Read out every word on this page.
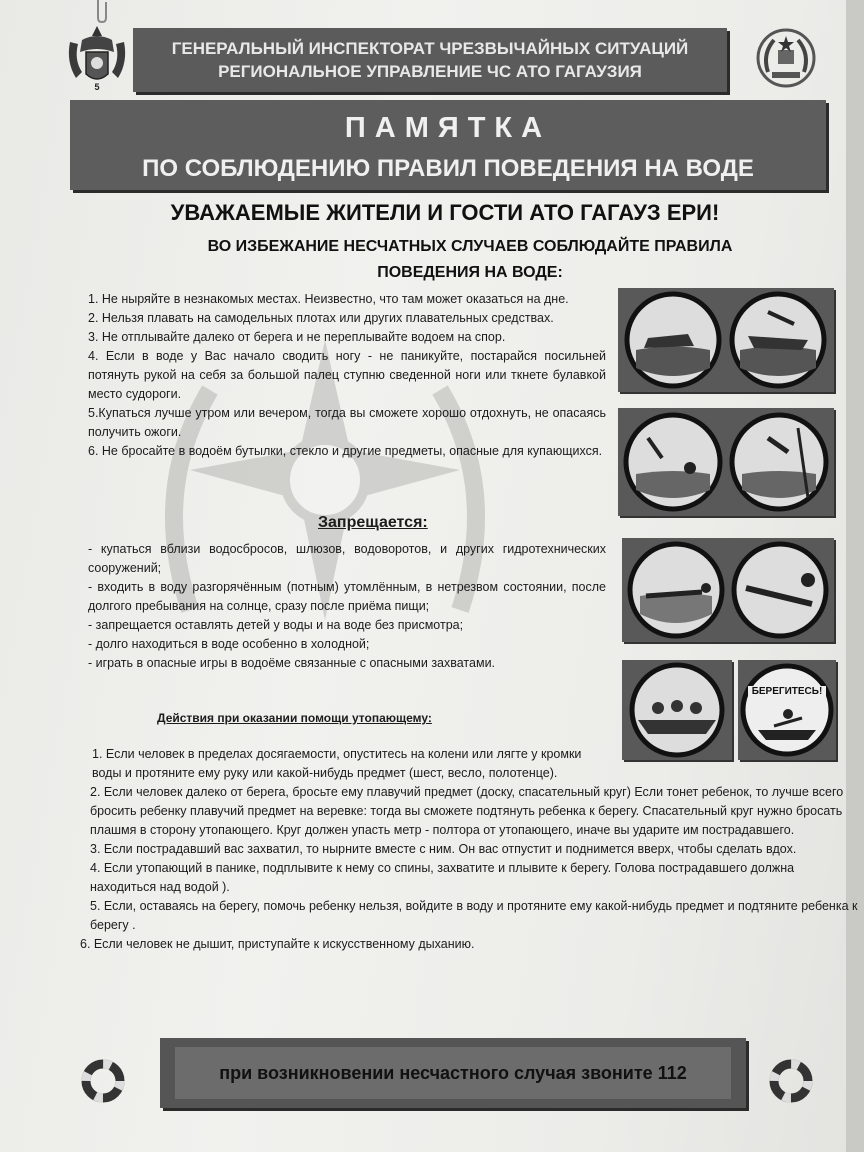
5
ГЕНЕРАЛЬНЫЙ ИНСПЕКТОРАТ ЧРЕЗВЫЧАЙНЫХ СИТУАЦИЙ
РЕГИОНАЛЬНОЕ УПРАВЛЕНИЕ ЧС АТО ГАГАУЗИЯ
ПАМЯТКА
ПО СОБЛЮДЕНИЮ ПРАВИЛ ПОВЕДЕНИЯ НА ВОДЕ
УВАЖАЕМЫЕ ЖИТЕЛИ И ГОСТИ АТО ГАГАУЗ ЕРИ!
ВО ИЗБЕЖАНИЕ НЕСЧАТНЫХ СЛУЧАЕВ СОБЛЮДАЙТЕ ПРАВИЛА
ПОВЕДЕНИЯ НА ВОДЕ:
1. Не ныряйте в незнакомых местах. Неизвестно, что там может оказаться на дне.
2. Нельзя плавать на самодельных плотах или других плавательных средствах.
3. Не отплывайте далеко от берега и не переплывайте водоем на спор.
4. Если в воде у Вас начало сводить ногу - не паникуйте, постарайся посильней потянуть рукой на себя за большой палец ступню сведенной ноги или ткнете булавкой место судороги.
5.Купаться лучше утром или вечером, тогда вы сможете хорошо отдохнуть, не опасаясь получить ожоги.
6. Не бросайте в водоём бутылки, стекло и другие предметы, опасные для купающихся.
Запрещается:
- купаться вблизи водосбросов, шлюзов, водоворотов, и других гидротехнических сооружений;
- входить в воду разгорячённым (потным) утомлённым, в нетрезвом состоянии, после долгого пребывания на солнце, сразу после приёма пищи;
- запрещается оставлять детей у воды и на воде без присмотра;
- долго находиться в воде особенно в холодной;
- играть в опасные игры в водоёме связанные с опасными захватами.
БЕРЕГИТЕСЬ!
Действия при оказании помощи утопающему:
1. Если человек в пределах досягаемости, опуститесь на колени или лягте у кромки воды и протяните ему руку или какой-нибудь предмет (шест, весло, полотенце).
2. Если человек далеко от берега, бросьте ему плавучий предмет (доску, спасательный круг) Если тонет ребенок, то лучше всего бросить ребенку плавучий предмет на веревке: тогда вы сможете подтянуть ребенка к берегу. Спасательный круг нужно бросать плашмя в сторону утопающего. Круг должен упасть метр - полтора от утопающего, иначе вы ударите им пострадавшего.
3. Если пострадавший вас захватил, то нырните вместе с ним. Он вас отпустит и поднимется вверх, чтобы сделать вдох.
4. Если утопающий в панике, подплывите к нему со спины, захватите и плывите к берегу. Голова пострадавшего должна находиться над водой ).
5. Если, оставаясь на берегу, помочь ребенку нельзя, войдите в воду и протяните ему какой-нибудь предмет и подтяните ребенка к берегу .
6. Если человек не дышит, приступайте к искусственному дыханию.
при возникновении несчастного случая звоните 112
